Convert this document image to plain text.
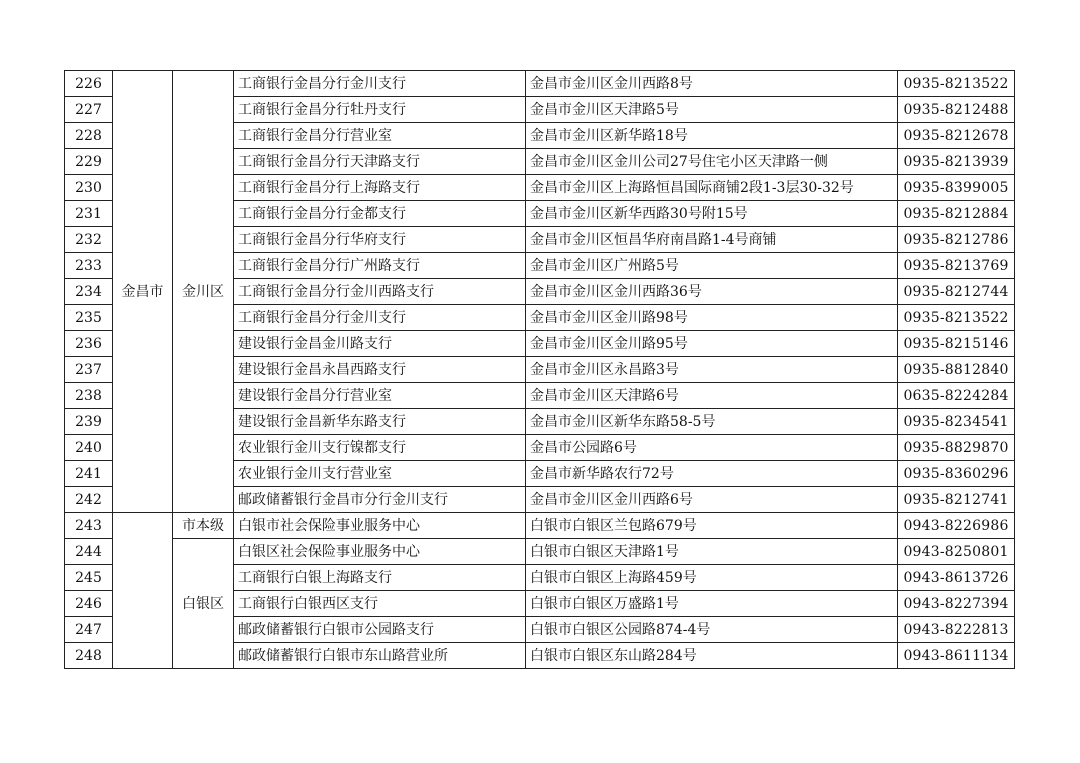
226	金昌市	金川区	工商银行金昌分行金川支行	金昌市金川区金川西路8号	0935-8213522
227			工商银行金昌分行牡丹支行	金昌市金川区天津路5号	0935-8212488
228			工商银行金昌分行营业室	金昌市金川区新华路18号	0935-8212678
229			工商银行金昌分行天津路支行	金昌市金川区金川公司27号住宅小区天津路一侧	0935-8213939
230			工商银行金昌分行上海路支行	金昌市金川区上海路恒昌国际商铺2段1-3层30-32号	0935-8399005
231			工商银行金昌分行金都支行	金昌市金川区新华西路30号附15号	0935-8212884
232			工商银行金昌分行华府支行	金昌市金川区恒昌华府南昌路1-4号商铺	0935-8212786
233			工商银行金昌分行广州路支行	金昌市金川区广州路5号	0935-8213769
234			工商银行金昌分行金川西路支行	金昌市金川区金川西路36号	0935-8212744
235			工商银行金昌分行金川支行	金昌市金川区金川路98号	0935-8213522
236			建设银行金昌金川路支行	金昌市金川区金川路95号	0935-8215146
237			建设银行金昌永昌西路支行	金昌市金川区永昌路3号	0935-8812840
238			建设银行金昌分行营业室	金昌市金川区天津路6号	0635-8224284
239			建设银行金昌新华东路支行	金昌市金川区新华东路58-5号	0935-8234541
240			农业银行金川支行镍都支行	金昌市公园路6号	0935-8829870
241			农业银行金川支行营业室	金昌市新华路农行72号	0935-8360296
242			邮政储蓄银行金昌市分行金川支行	金昌市金川区金川西路6号	0935-8212741
243		市本级	白银市社会保险事业服务中心	白银市白银区兰包路679号	0943-8226986
244		白银区	白银区社会保险事业服务中心	白银市白银区天津路1号	0943-8250801
245			工商银行白银上海路支行	白银市白银区上海路459号	0943-8613726
246			工商银行白银西区支行	白银市白银区万盛路1号	0943-8227394
247			邮政储蓄银行白银市公园路支行	白银市白银区公园路874-4号	0943-8222813
248			邮政储蓄银行白银市东山路营业所	白银市白银区东山路284号	0943-8611134
